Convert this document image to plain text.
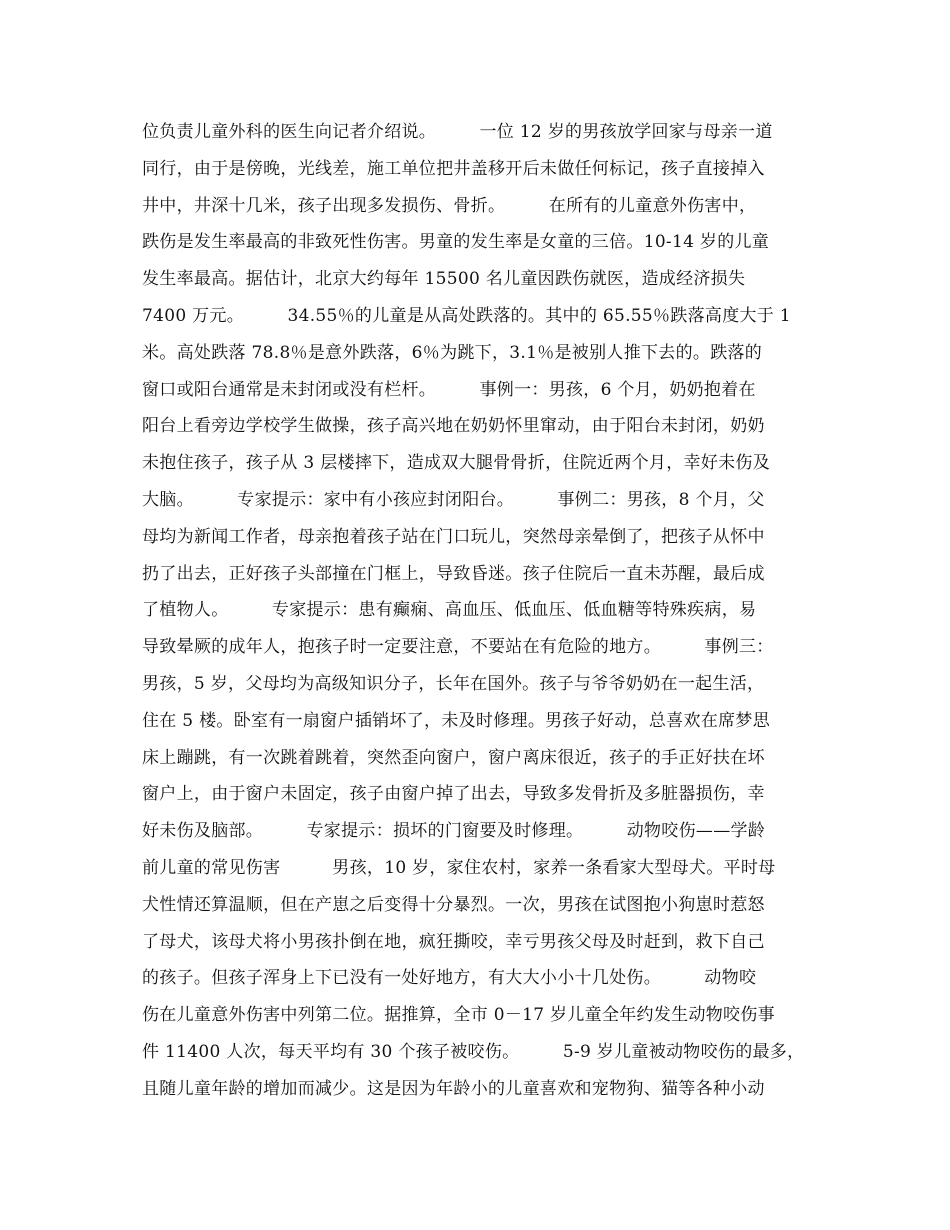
位负责儿童外科的医生向记者介绍说。　　　一位 12 岁的男孩放学回家与母亲一道
同行，由于是傍晚，光线差，施工单位把井盖移开后未做任何标记，孩子直接掉入
井中，井深十几米，孩子出现多发损伤、骨折。　　　在所有的儿童意外伤害中，
跌伤是发生率最高的非致死性伤害。男童的发生率是女童的三倍。10-14 岁的儿童
发生率最高。据估计，北京大约每年 15500 名儿童因跌伤就医，造成经济损失
7400 万元。　　　34.55％的儿童是从高处跌落的。其中的 65.55％跌落高度大于 1
米。高处跌落 78.8％是意外跌落，6％为跳下，3.1％是被别人推下去的。跌落的
窗口或阳台通常是未封闭或没有栏杆。　　　事例一：男孩，6 个月，奶奶抱着在
阳台上看旁边学校学生做操，孩子高兴地在奶奶怀里窜动，由于阳台未封闭，奶奶
未抱住孩子，孩子从 3 层楼摔下，造成双大腿骨骨折，住院近两个月，幸好未伤及
大脑。　　　专家提示：家中有小孩应封闭阳台。　　　事例二：男孩，8 个月，父
母均为新闻工作者，母亲抱着孩子站在门口玩儿，突然母亲晕倒了，把孩子从怀中
扔了出去，正好孩子头部撞在门框上，导致昏迷。孩子住院后一直未苏醒，最后成
了植物人。　　　专家提示：患有癫痫、高血压、低血压、低血糖等特殊疾病，易
导致晕厥的成年人，抱孩子时一定要注意，不要站在有危险的地方。　　　事例三：
男孩，5 岁，父母均为高级知识分子，长年在国外。孩子与爷爷奶奶在一起生活，
住在 5 楼。卧室有一扇窗户插销坏了，未及时修理。男孩子好动，总喜欢在席梦思
床上蹦跳，有一次跳着跳着，突然歪向窗户，窗户离床很近，孩子的手正好扶在坏
窗户上，由于窗户未固定，孩子由窗户掉了出去，导致多发骨折及多脏器损伤，幸
好未伤及脑部。　　　专家提示：损坏的门窗要及时修理。　　　动物咬伤——学龄
前儿童的常见伤害　　　男孩，10 岁，家住农村，家养一条看家大型母犬。平时母
犬性情还算温顺，但在产崽之后变得十分暴烈。一次，男孩在试图抱小狗崽时惹怒
了母犬，该母犬将小男孩扑倒在地，疯狂撕咬，幸亏男孩父母及时赶到，救下自己
的孩子。但孩子浑身上下已没有一处好地方，有大大小小十几处伤。　　　动物咬
伤在儿童意外伤害中列第二位。据推算，全市 0－17 岁儿童全年约发生动物咬伤事
件 11400 人次，每天平均有 30 个孩子被咬伤。　　　5-9 岁儿童被动物咬伤的最多，
且随儿童年龄的增加而减少。这是因为年龄小的儿童喜欢和宠物狗、猫等各种小动
